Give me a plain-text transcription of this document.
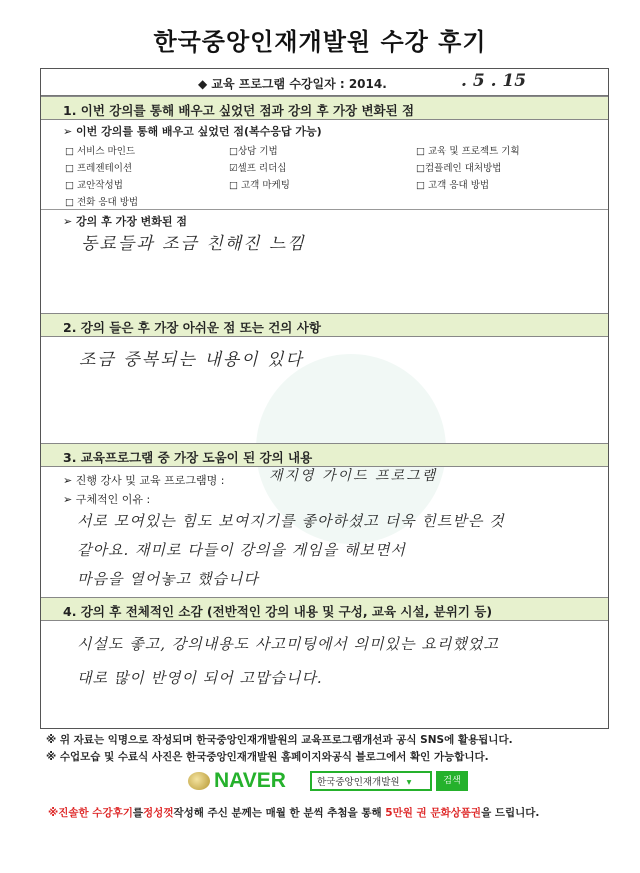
한국중앙인재개발원 수강 후기
◆ 교육 프로그램 수강일자 : 2014.	. 5 . 15
1. 이번 강의를 통해 배우고 싶었던 점과 강의 후 가장 변화된 점
➢ 이번 강의를 통해 배우고 싶었던 점(복수응답 가능)
□ 서비스 마인드	□상담 기법	□ 교육 및 프로젝트 기획
□ 프레젠테이션	☑셀프 리더십	□컴플레인 대처방법
□ 교안작성법	□ 고객 마케팅	□ 고객 응대 방법
□ 전화 응대 방법
➢ 강의 후 가장 변화된 점
동료들과 조금 친해진 느낌
2. 강의 들은 후 가장 아쉬운 점 또는 건의 사항
조금 중복되는 내용이 있다
3. 교육프로그램 중 가장 도움이 된 강의 내용
➢ 진행 강사 및 교육 프로그램명 :	재지영 가이드 프로그램
➢ 구체적인 이유 :
서로 모여있는 힘도 보여지기를 좋아하셨고 더욱 힌트받은 것
같아요. 재미로 다들이 강의을 게임을 해보면서
마음을 열어놓고 했습니다
4. 강의 후 전체적인 소감 (전반적인 강의 내용 및 구성, 교육 시설, 분위기 등)
시설도 좋고, 강의내용도 사고미팅에서 의미있는 요리했었고
대로 많이 반영이 되어 고맙습니다.
※ 위 자료는 익명으로 작성되며 한국중앙인재개발원의 교육프로그램개선과 공식 SNS에 활용됩니다.
※ 수업모습 및 수료식 사진은 한국중앙인재개발원 홈페이지와공식 블로그에서 확인 가능합니다.
NAVER	한국중앙인재개발원 ▾	검색
※진솔한 수강후기를정성껏작성해 주신 분께는 매월 한 분씩 추첨을 통해 5만원 권 문화상품권을 드립니다.
